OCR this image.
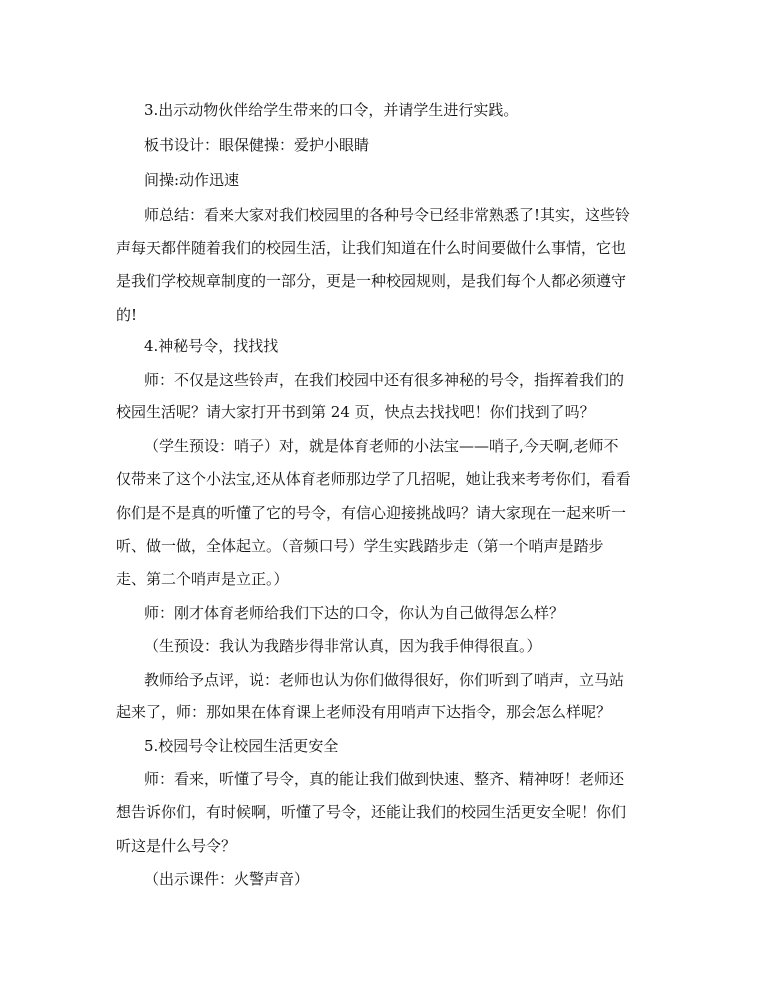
3.出示动物伙伴给学生带来的口令，并请学生进行实践。
板书设计：眼保健操：爱护小眼睛
间操:动作迅速
师总结：看来大家对我们校园里的各种号令已经非常熟悉了!其实，这些铃
声每天都伴随着我们的校园生活，让我们知道在什么时间要做什么事情，它也
是我们学校规章制度的一部分，更是一种校园规则，是我们每个人都必须遵守
的!
4.神秘号令，找找找
师：不仅是这些铃声，在我们校园中还有很多神秘的号令，指挥着我们的
校园生活呢？请大家打开书到第 24 页，快点去找找吧！你们找到了吗？
（学生预设：哨子）对，就是体育老师的小法宝——哨子,今天啊,老师不
仅带来了这个小法宝,还从体育老师那边学了几招呢，她让我来考考你们，看看
你们是不是真的听懂了它的号令，有信心迎接挑战吗？请大家现在一起来听一
听、做一做，全体起立。（音频口号）学生实践踏步走（第一个哨声是踏步
走、第二个哨声是立正。）
师：刚才体育老师给我们下达的口令，你认为自己做得怎么样？
（生预设：我认为我踏步得非常认真，因为我手伸得很直。）
教师给予点评，说：老师也认为你们做得很好，你们听到了哨声，立马站
起来了，师：那如果在体育课上老师没有用哨声下达指令，那会怎么样呢？
5.校园号令让校园生活更安全
师：看来，听懂了号令，真的能让我们做到快速、整齐、精神呀！老师还
想告诉你们，有时候啊，听懂了号令，还能让我们的校园生活更安全呢！你们
听这是什么号令？
（出示课件：火警声音）
